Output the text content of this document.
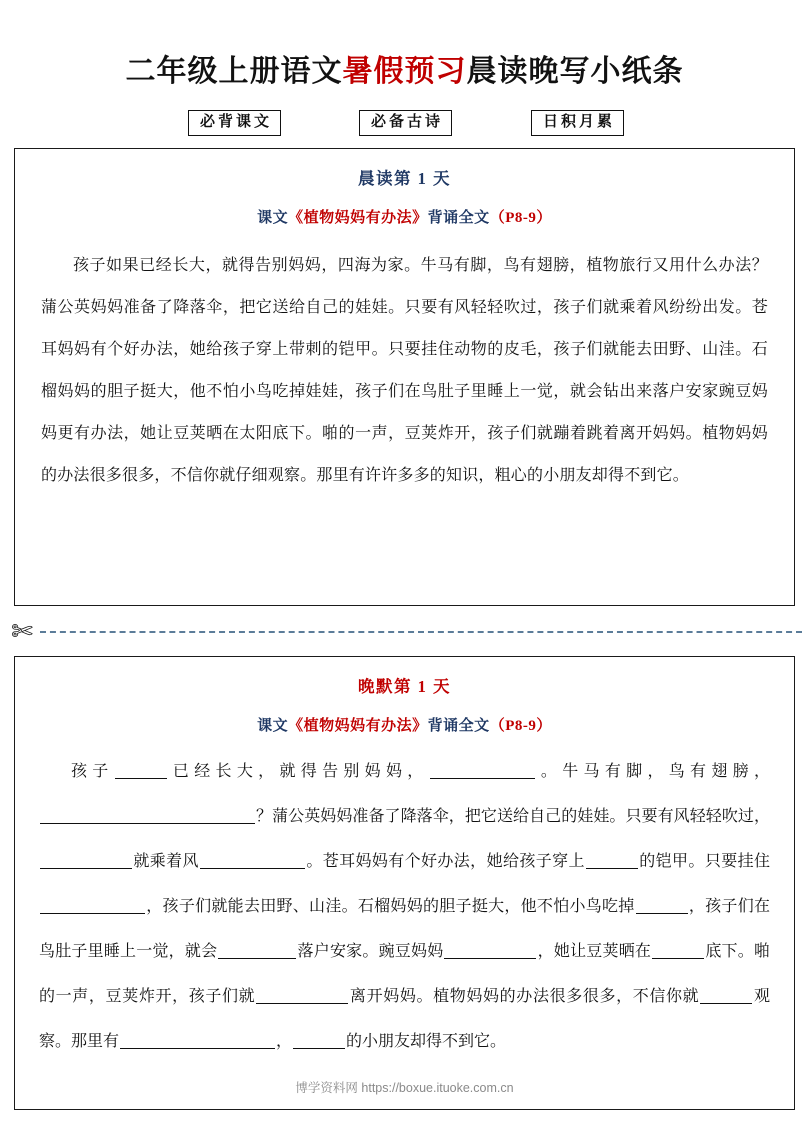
二年级上册语文暑假预习晨读晚写小纸条
必背课文	必备古诗	日积月累
晨读第 1 天
课文《植物妈妈有办法》背诵全文（P8-9）
孩子如果已经长大，就得告别妈妈，四海为家。牛马有脚，鸟有翅膀，植物旅行又用什么办法？蒲公英妈妈准备了降落伞，把它送给自己的娃娃。只要有风轻轻吹过，孩子们就乘着风纷纷出发。苍耳妈妈有个好办法，她给孩子穿上带刺的铠甲。只要挂住动物的皮毛，孩子们就能去田野、山洼。石榴妈妈的胆子挺大，他不怕小鸟吃掉娃娃，孩子们在鸟肚子里睡上一觉，就会钻出来落户安家豌豆妈妈更有办法，她让豆荚晒在太阳底下。啪的一声，豆荚炸开，孩子们就蹦着跳着离开妈妈。植物妈妈的办法很多很多，不信你就仔细观察。那里有许许多多的知识，粗心的小朋友却得不到它。
✄
晚默第 1 天
课文《植物妈妈有办法》背诵全文（P8-9）
孩子	已经长大，就得告别妈妈，	。牛马有脚，鸟有翅膀，？蒲公英妈妈准备了降落伞，把它送给自己的娃娃。只要有风轻轻吹过，就乘着风	。苍耳妈妈有个好办法，她给孩子穿上	的铠甲。只要挂住，孩子们就能去田野、山洼。石榴妈妈的胆子挺大，他不怕小鸟吃掉	，孩子们在鸟肚子里睡上一觉，就会	落户安家。豌豆妈妈	，她让豆荚晒在	底下。啪的一声，豆荚炸开，孩子们就	离开妈妈。植物妈妈的办法很多很多，不信你就	观察。那里有	，	的小朋友却得不到它。
博学资料网 https://boxue.ituoke.com.cn
